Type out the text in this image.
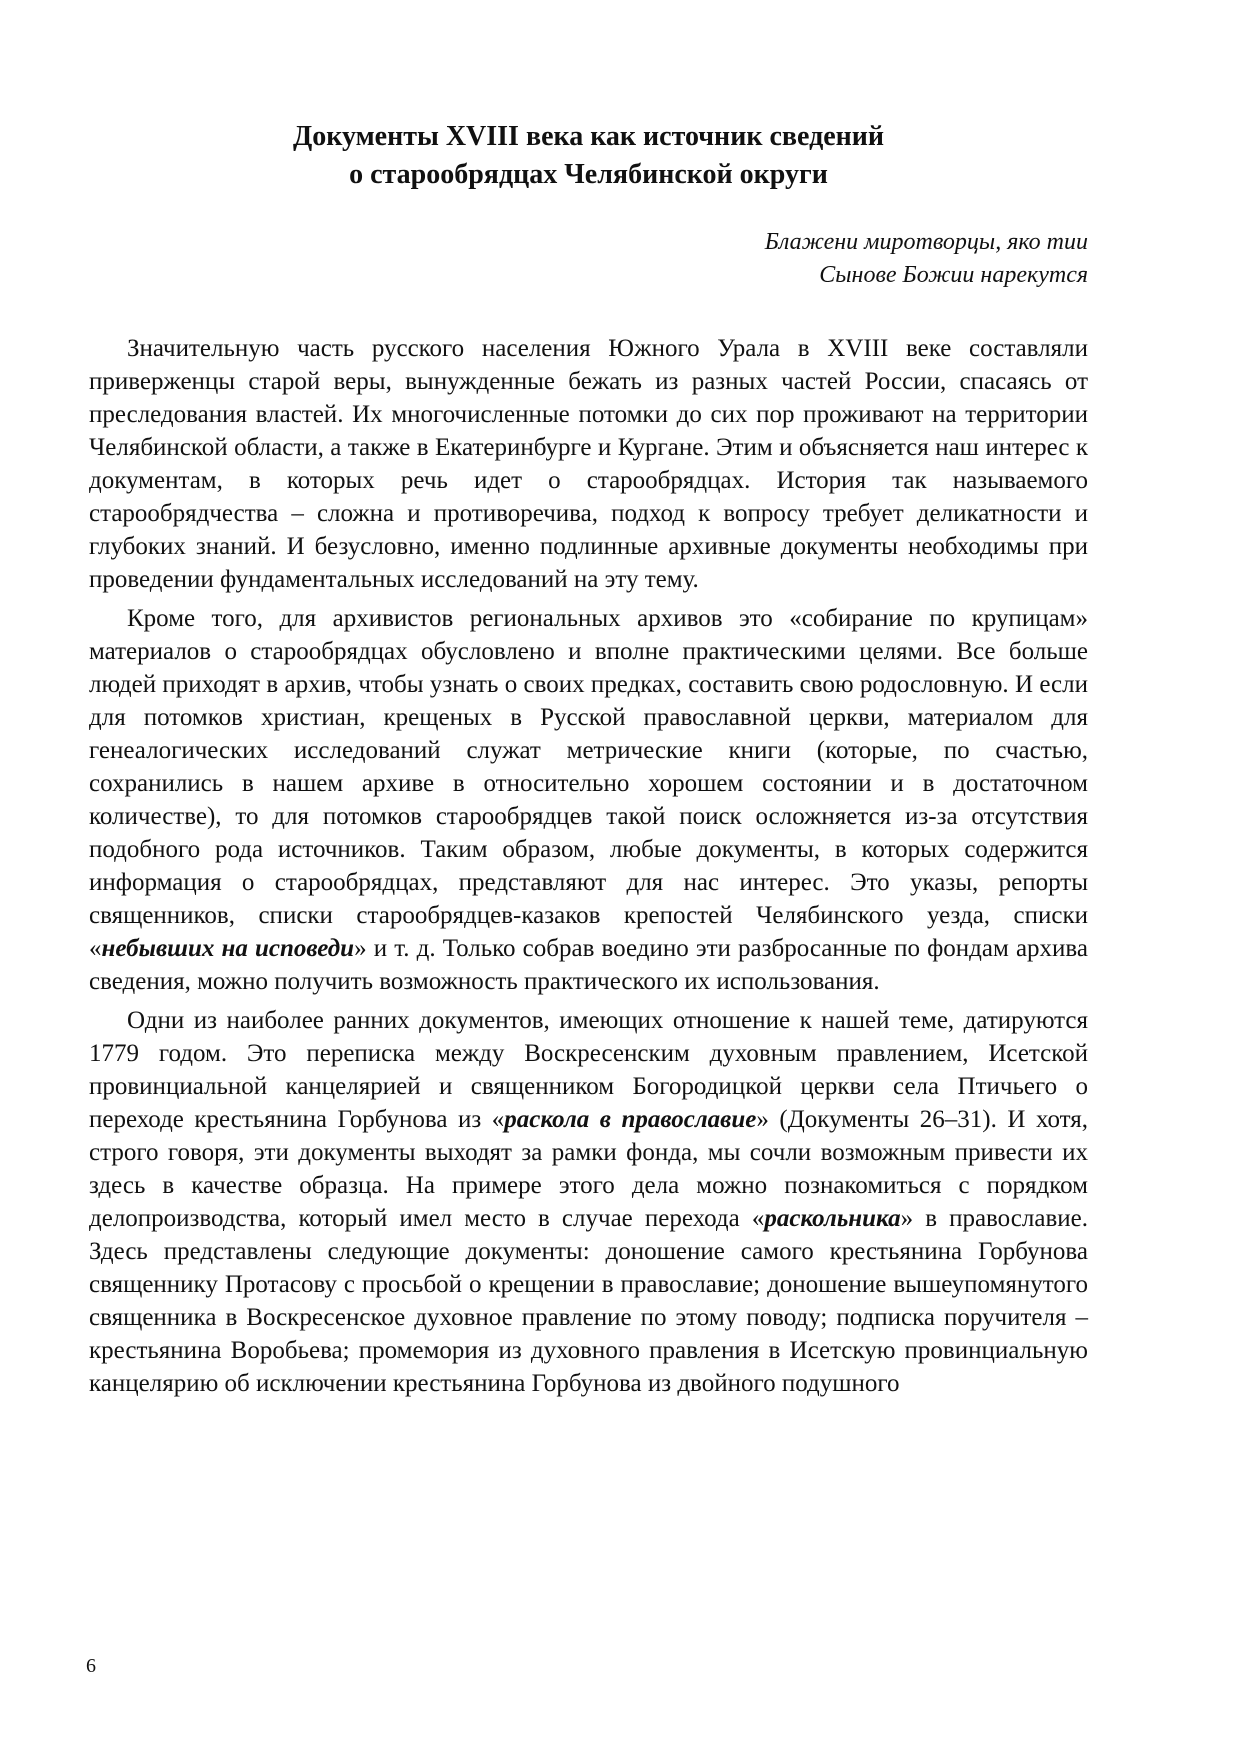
Документы XVIII века как источник сведений
о старообрядцах Челябинской округи
Блажени миротворцы, яко тии
Сынове Божии нарекутся

Значительную часть русского населения Южного Урала в XVIII веке составляли приверженцы старой веры, вынужденные бежать из разных частей России, спасаясь от преследования властей. Их многочисленные потомки до сих пор проживают на территории Челябинской области, а также в Екатеринбурге и Кургане. Этим и объясняется наш интерес к документам, в которых речь идет о старообрядцах. История так называемого старообрядчества – сложна и противоречива, подход к вопросу требует деликатности и глубоких знаний. И безусловно, именно подлинные архивные документы необходимы при проведении фундаментальных исследований на эту тему.

Кроме того, для архивистов региональных архивов это «собирание по крупицам» материалов о старообрядцах обусловлено и вполне практическими целями. Все больше людей приходят в архив, чтобы узнать о своих предках, составить свою родословную. И если для потомков христиан, крещеных в Русской православной церкви, материалом для генеалогических исследований служат метрические книги (которые, по счастью, сохранились в нашем архиве в относительно хорошем состоянии и в достаточном количестве), то для потомков старообрядцев такой поиск осложняется из-за отсутствия подобного рода источников. Таким образом, любые документы, в которых содержится информация о старообрядцах, представляют для нас интерес. Это указы, репорты священников, списки старообрядцев-казаков крепостей Челябинского уезда, списки «небывших на исповеди» и т. д. Только собрав воедино эти разбросанные по фондам архива сведения, можно получить возможность практического их использования.

Одни из наиболее ранних документов, имеющих отношение к нашей теме, датируются 1779 годом. Это переписка между Воскресенским духовным правлением, Исетской провинциальной канцелярией и священником Богородицкой церкви села Птичьего о переходе крестьянина Горбунова из «раскола в православие» (Документы 26–31). И хотя, строго говоря, эти документы выходят за рамки фонда, мы сочли возможным привести их здесь в качестве образца. На примере этого дела можно познакомиться с порядком делопроизводства, который имел место в случае перехода «раскольника» в православие. Здесь представлены следующие документы: доношение самого крестьянина Горбунова священнику Протасову с просьбой о крещении в православие; доношение вышеупомянутого священника в Воскресенское духовное правление по этому поводу; подписка поручителя – крестьянина Воробьева; промемория из духовного правления в Исетскую провинциальную канцелярию об исключении крестьянина Горбунова из двойного подушного

6
